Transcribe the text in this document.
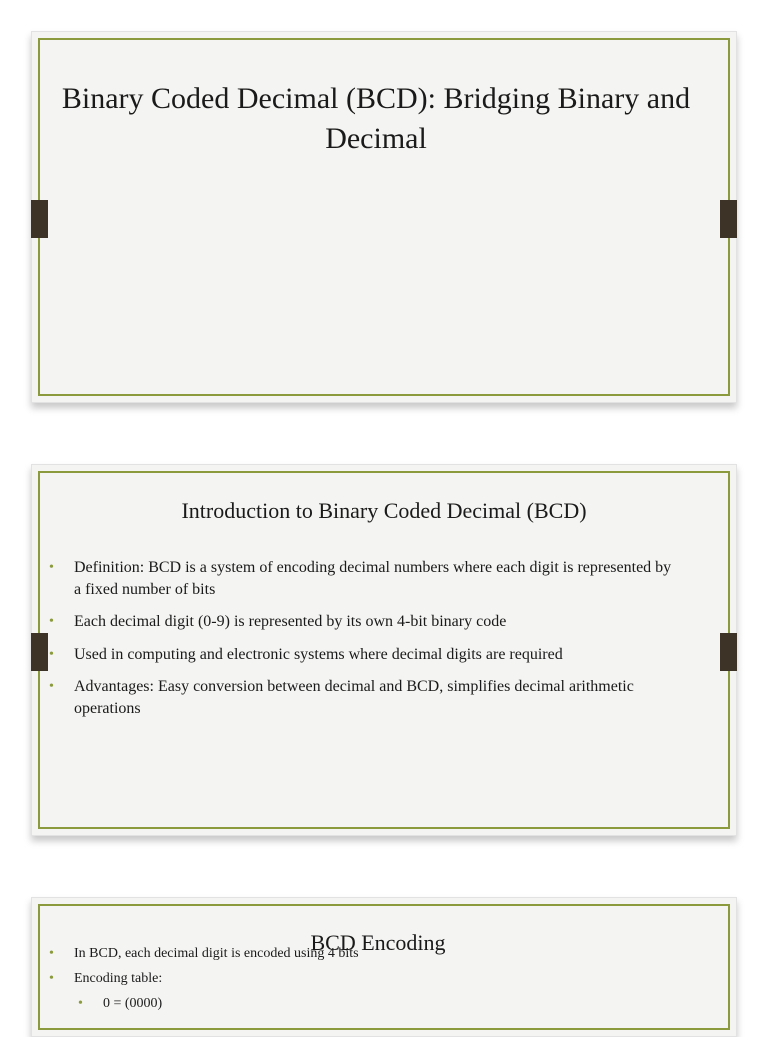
Binary Coded Decimal (BCD): Bridging Binary and Decimal
Introduction to Binary Coded Decimal (BCD)
• Definition: BCD is a system of encoding decimal numbers where each digit is represented by a fixed number of bits
• Each decimal digit (0-9) is represented by its own 4-bit binary code
• Used in computing and electronic systems where decimal digits are required
• Advantages: Easy conversion between decimal and BCD, simplifies decimal arithmetic operations
BCD Encoding
• In BCD, each decimal digit is encoded using 4 bits
• Encoding table:
• 0 = (0000)
